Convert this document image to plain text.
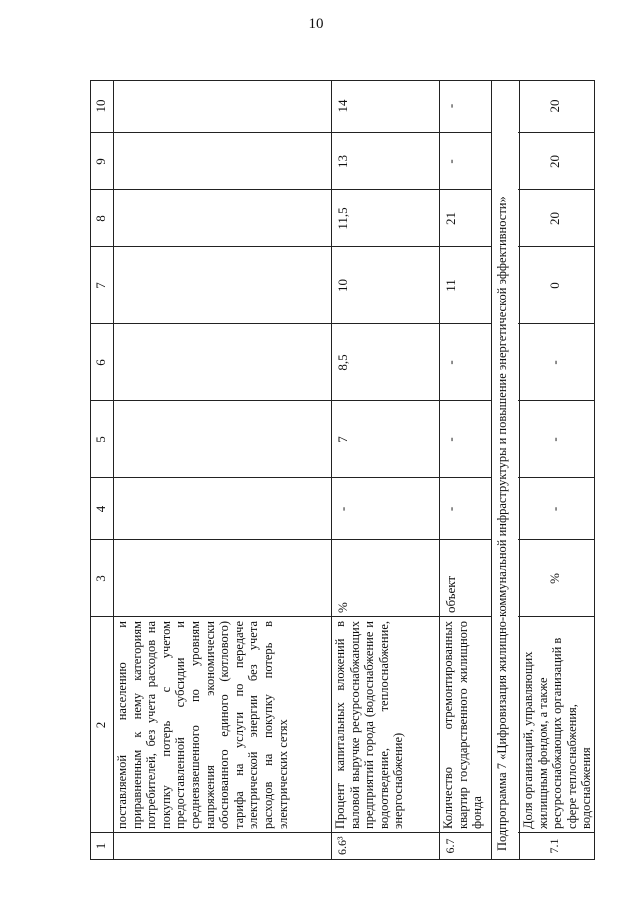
10
1
2
3
4
5
6
7
8
9
10
поставляемой населению и приравненным к нему категориям потребителей, без учета расходов на покупку потерь с учетом предоставленной субсидии и средневзвешенного по уровням напряжения экономически обоснованного единого (котлового) тарифа на услуги по передаче электрической энергии без учета расходов на покупку потерь в электрических сетях
6.6³
Процент капитальных вложений в валовой выручке ресурсоснабжающих предприятий города (водоснабжение и водоотведение, теплоснабжение, энергоснабжение)
%
-
7
8,5
10
11,5
13
14
6.7
Количество отремонтированных квартир государственного жилищного фонда
объект
-
-
-
11
21
-
-
Подпрограмма 7 «Цифровизация жилищно-коммунальной инфраструктуры и повышение энергетической эффективности»	7.1
Доля организаций, управляющих жилищным фондом, а также ресурсоснабжающих организаций в сфере теплоснабжения, водоснабжения
%
-
-
-
0
20
20
20
